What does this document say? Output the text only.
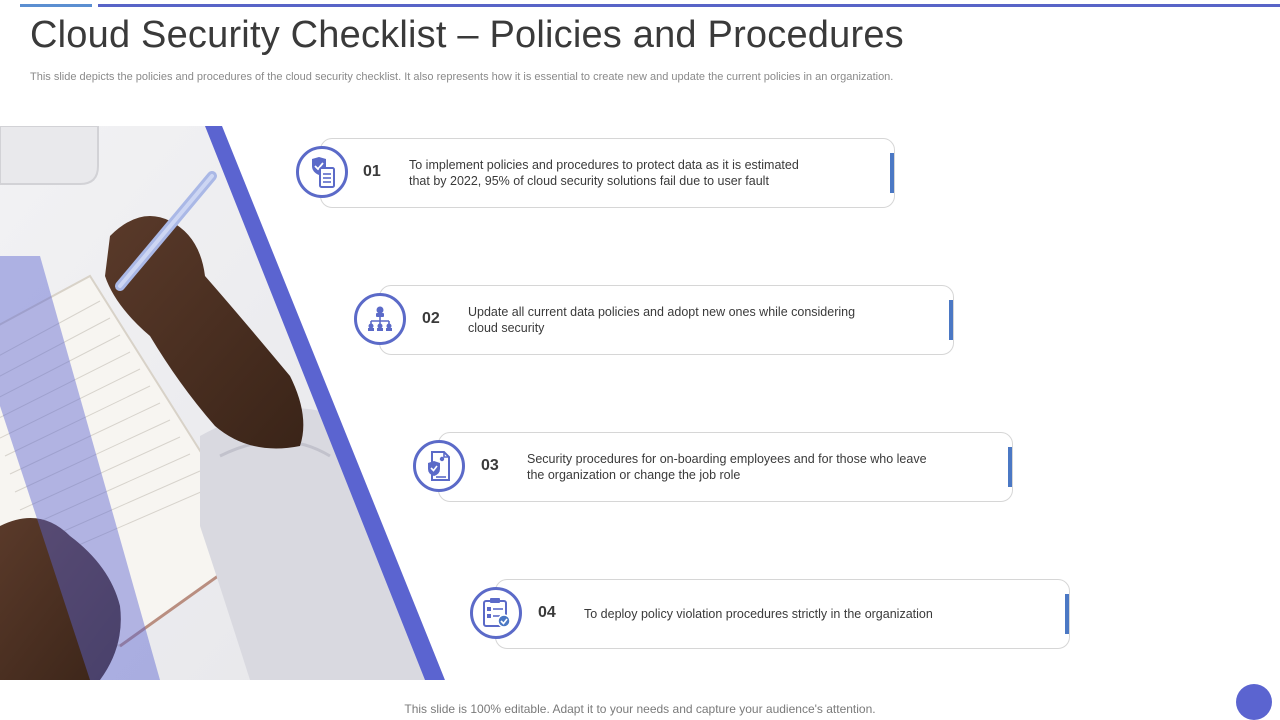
Cloud Security Checklist – Policies and Procedures

This slide depicts the policies and procedures of the cloud security checklist. It also represents how it is essential to create new and update the current policies in an organization.

01 To implement policies and procedures to protect data as it is estimated
that by 2022, 95% of cloud security solutions fail due to user fault
02 Update all current data policies and adopt new ones while considering
cloud security
03 Security procedures for on-boarding employees and for those who leave
the organization or change the job role
04 To deploy policy violation procedures strictly in the organization

This slide is 100% editable. Adapt it to your needs and capture your audience's attention.
